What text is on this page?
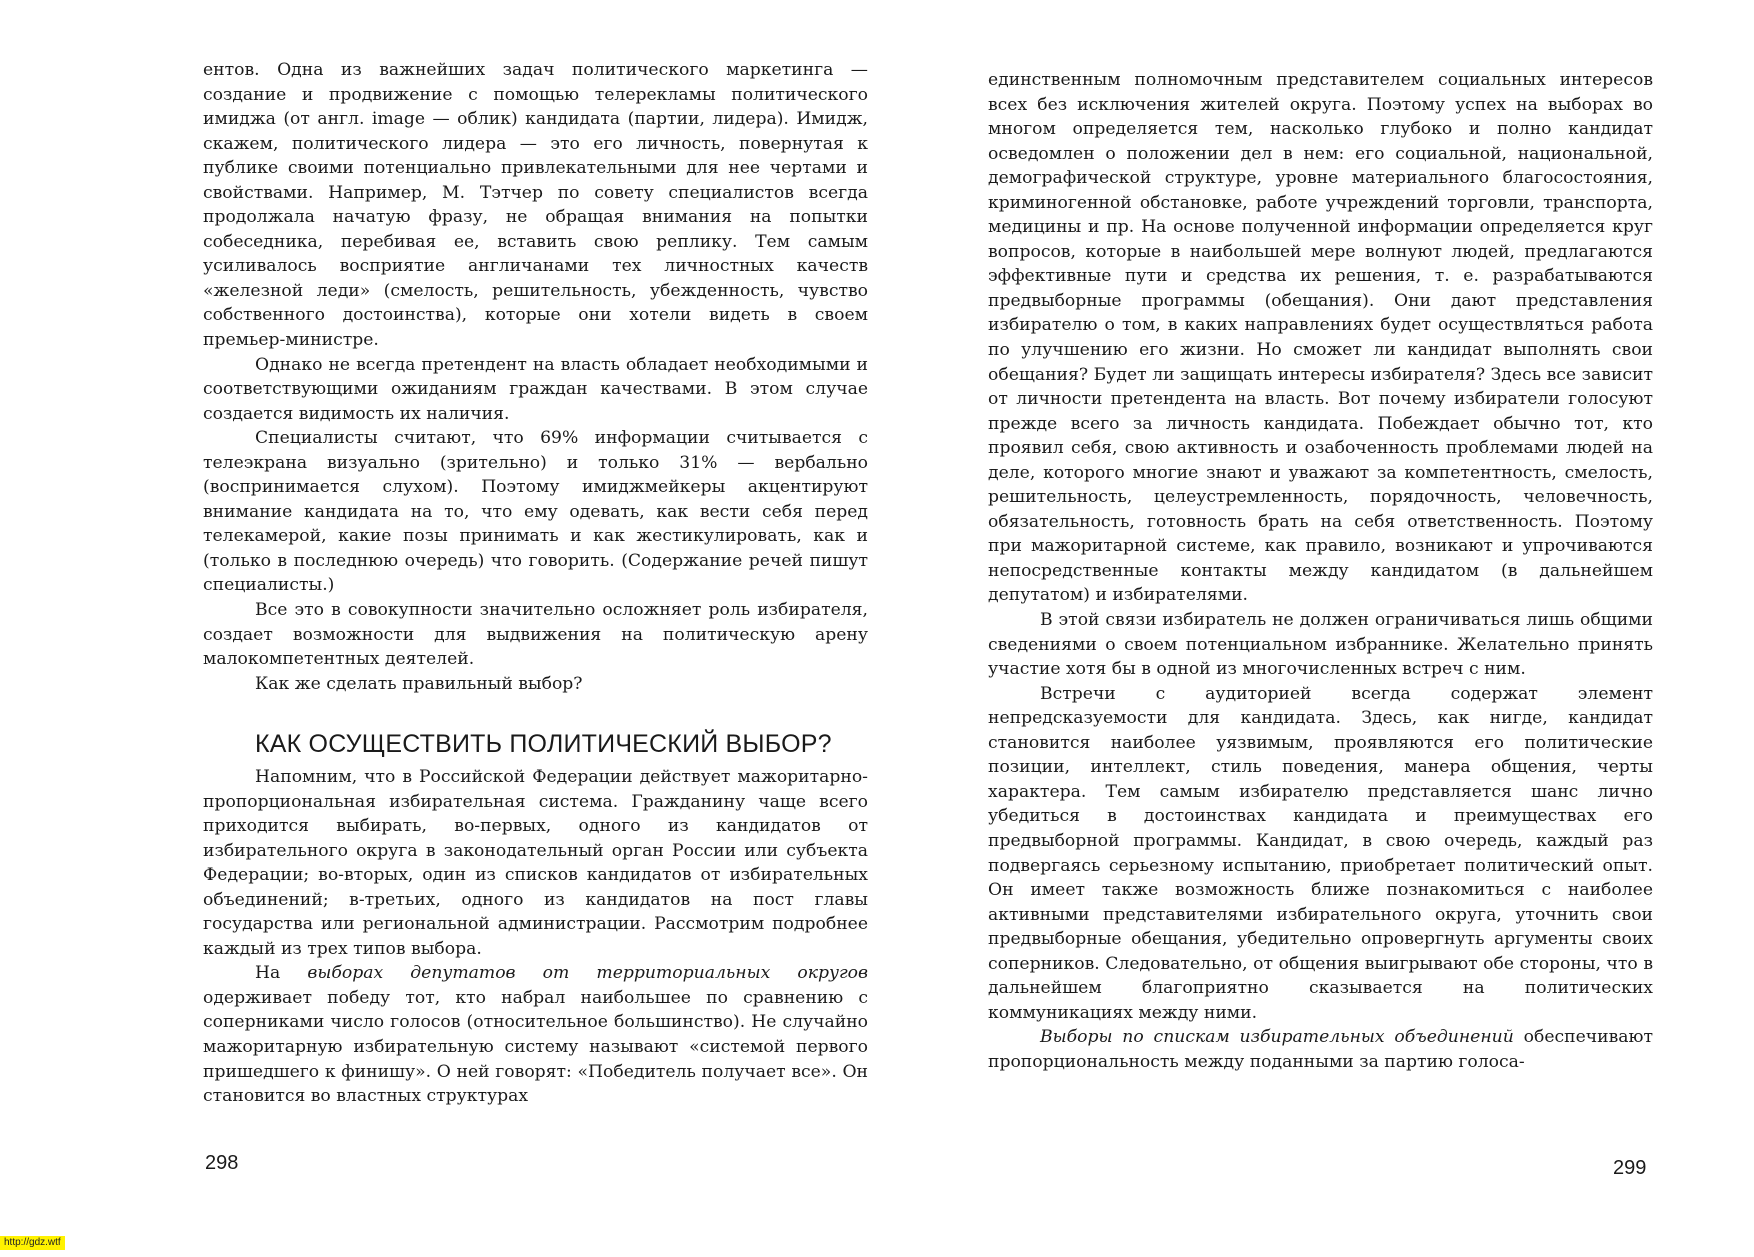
ентов. Одна из важнейших задач политического маркетинга — создание и продвижение с помощью телерекламы политического имиджа (от англ. image — облик) кандидата (партии, лидера). Имидж, скажем, политического лидера — это его личность, повернутая к публике своими потенциально привлекательными для нее чертами и свойствами. Например, М. Тэтчер по совету специалистов всегда продолжала начатую фразу, не обращая внимания на попытки собеседника, перебивая ее, вставить свою реплику. Тем самым усиливалось восприятие англичанами тех личностных качеств «железной леди» (смелость, решительность, убежденность, чувство собственного достоинства), которые они хотели видеть в своем премьер-министре.

Однако не всегда претендент на власть обладает необходимыми и соответствующими ожиданиям граждан качествами. В этом случае создается видимость их наличия.

Специалисты считают, что 69% информации считывается с телеэкрана визуально (зрительно) и только 31% — вербально (воспринимается слухом). Поэтому имиджмейкеры акцентируют внимание кандидата на то, что ему одевать, как вести себя перед телекамерой, какие позы принимать и как жестикулировать, как и (только в последнюю очередь) что говорить. (Содержание речей пишут специалисты.)

Все это в совокупности значительно осложняет роль избирателя, создает возможности для выдвижения на политическую арену малокомпетентных деятелей.

Как же сделать правильный выбор?

КАК ОСУЩЕСТВИТЬ ПОЛИТИЧЕСКИЙ ВЫБОР?

Напомним, что в Российской Федерации действует мажоритарно-пропорциональная избирательная система. Гражданину чаще всего приходится выбирать, во-первых, одного из кандидатов от избирательного округа в законодательный орган России или субъекта Федерации; во-вторых, один из списков кандидатов от избирательных объединений; в-третьих, одного из кандидатов на пост главы государства или региональной администрации. Рассмотрим подробнее каждый из трех типов выбора.

На выборах депутатов от территориальных округов одерживает победу тот, кто набрал наибольшее по сравнению с соперниками число голосов (относительное большинство). Не случайно мажоритарную избирательную систему называют «системой первого пришедшего к финишу». О ней говорят: «Победитель получает все». Он становится во властных структурах

298

единственным полномочным представителем социальных интересов всех без исключения жителей округа. Поэтому успех на выборах во многом определяется тем, насколько глубоко и полно кандидат осведомлен о положении дел в нем: его социальной, национальной, демографической структуре, уровне материального благосостояния, криминогенной обстановке, работе учреждений торговли, транспорта, медицины и пр. На основе полученной информации определяется круг вопросов, которые в наибольшей мере волнуют людей, предлагаются эффективные пути и средства их решения, т. е. разрабатываются предвыборные программы (обещания). Они дают представления избирателю о том, в каких направлениях будет осуществляться работа по улучшению его жизни. Но сможет ли кандидат выполнять свои обещания? Будет ли защищать интересы избирателя? Здесь все зависит от личности претендента на власть. Вот почему избиратели голосуют прежде всего за личность кандидата. Побеждает обычно тот, кто проявил себя, свою активность и озабоченность проблемами людей на деле, которого многие знают и уважают за компетентность, смелость, решительность, целеустремленность, порядочность, человечность, обязательность, готовность брать на себя ответственность. Поэтому при мажоритарной системе, как правило, возникают и упрочиваются непосредственные контакты между кандидатом (в дальнейшем депутатом) и избирателями.

В этой связи избиратель не должен ограничиваться лишь общими сведениями о своем потенциальном избраннике. Желательно принять участие хотя бы в одной из многочисленных встреч с ним.

Встречи с аудиторией всегда содержат элемент непредсказуемости для кандидата. Здесь, как нигде, кандидат становится наиболее уязвимым, проявляются его политические позиции, интеллект, стиль поведения, манера общения, черты характера. Тем самым избирателю представляется шанс лично убедиться в достоинствах кандидата и преимуществах его предвыборной программы. Кандидат, в свою очередь, каждый раз подвергаясь серьезному испытанию, приобретает политический опыт. Он имеет также возможность ближе познакомиться с наиболее активными представителями избирательного округа, уточнить свои предвыборные обещания, убедительно опровергнуть аргументы своих соперников. Следовательно, от общения выигрывают обе стороны, что в дальнейшем благоприятно сказывается на политических коммуникациях между ними.

Выборы по спискам избирательных объединений обеспечивают пропорциональность между поданными за партию голоса-

299
http://gdz.wtf
